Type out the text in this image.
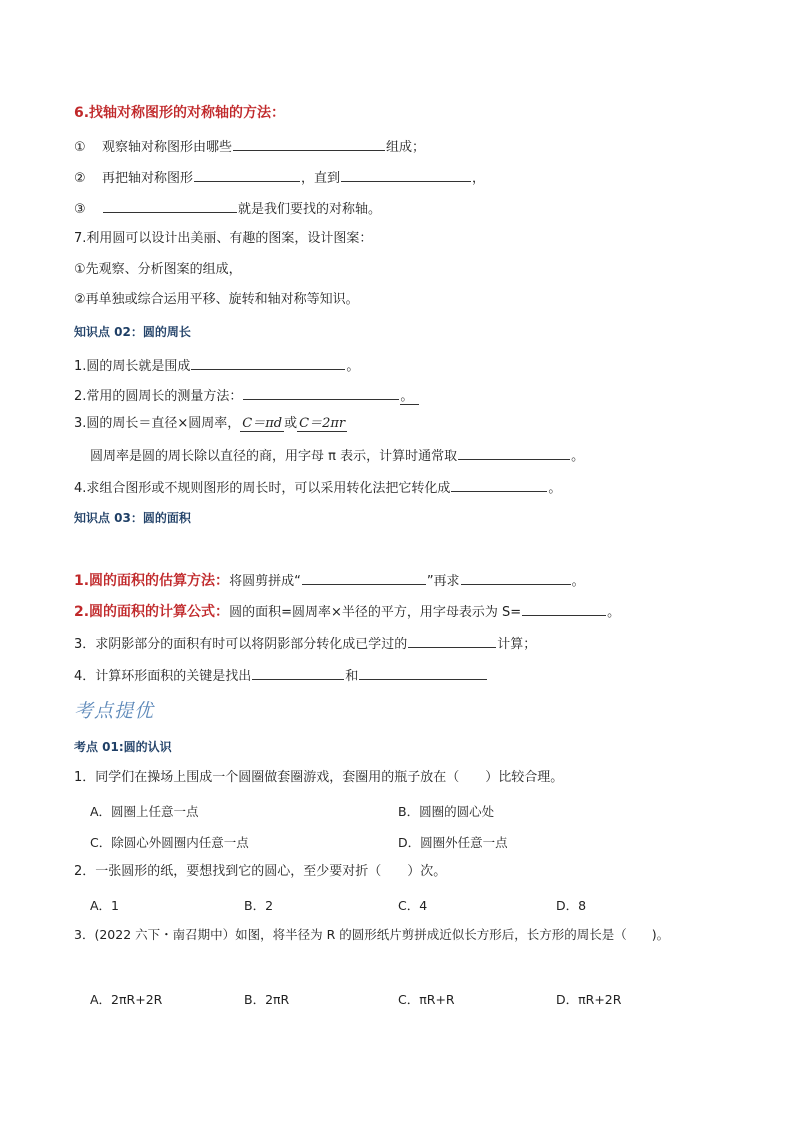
6.找轴对称图形的对称轴的方法：
① 观察轴对称图形由哪些	组成；
② 再把轴对称图形	，直到	，
③	就是我们要找的对称轴。
7.利用圆可以设计出美丽、有趣的图案，设计图案：
①先观察、分析图案的组成，
②再单独或综合运用平移、旋转和轴对称等知识。
知识点 02：圆的周长
1.圆的周长就是围成	。
2.常用的圆周长的测量方法：	。
3.圆的周长＝直径×圆周率， C＝πd 或 C＝2πr
圆周率是圆的周长除以直径的商，用字母 π 表示，计算时通常取	。
4.求组合图形或不规则图形的周长时，可以采用转化法把它转化成	。
知识点 03：圆的面积
1.圆的面积的估算方法：将圆剪拼成“	”再求	。
2.圆的面积的计算公式：圆的面积=圆周率×半径的平方，用字母表示为 S=	。
3．求阴影部分的面积有时可以将阴影部分转化成已学过的	计算；
4．计算环形面积的关键是找出	和
考点提优
考点 01:圆的认识
1．同学们在操场上围成一个圆圈做套圈游戏，套圈用的瓶子放在（　　）比较合理。
A．圆圈上任意一点	B．圆圈的圆心处
C．除圆心外圆圈内任意一点	D．圆圈外任意一点
2．一张圆形的纸，要想找到它的圆心，至少要对折（　　）次。
A．1	B．2	C．4	D．8
3．(2022 六下・南召期中）如图，将半径为 R 的圆形纸片剪拼成近似长方形后，长方形的周长是（　　)。
A．2πR+2R	B．2πR	C．πR+R	D．πR+2R
